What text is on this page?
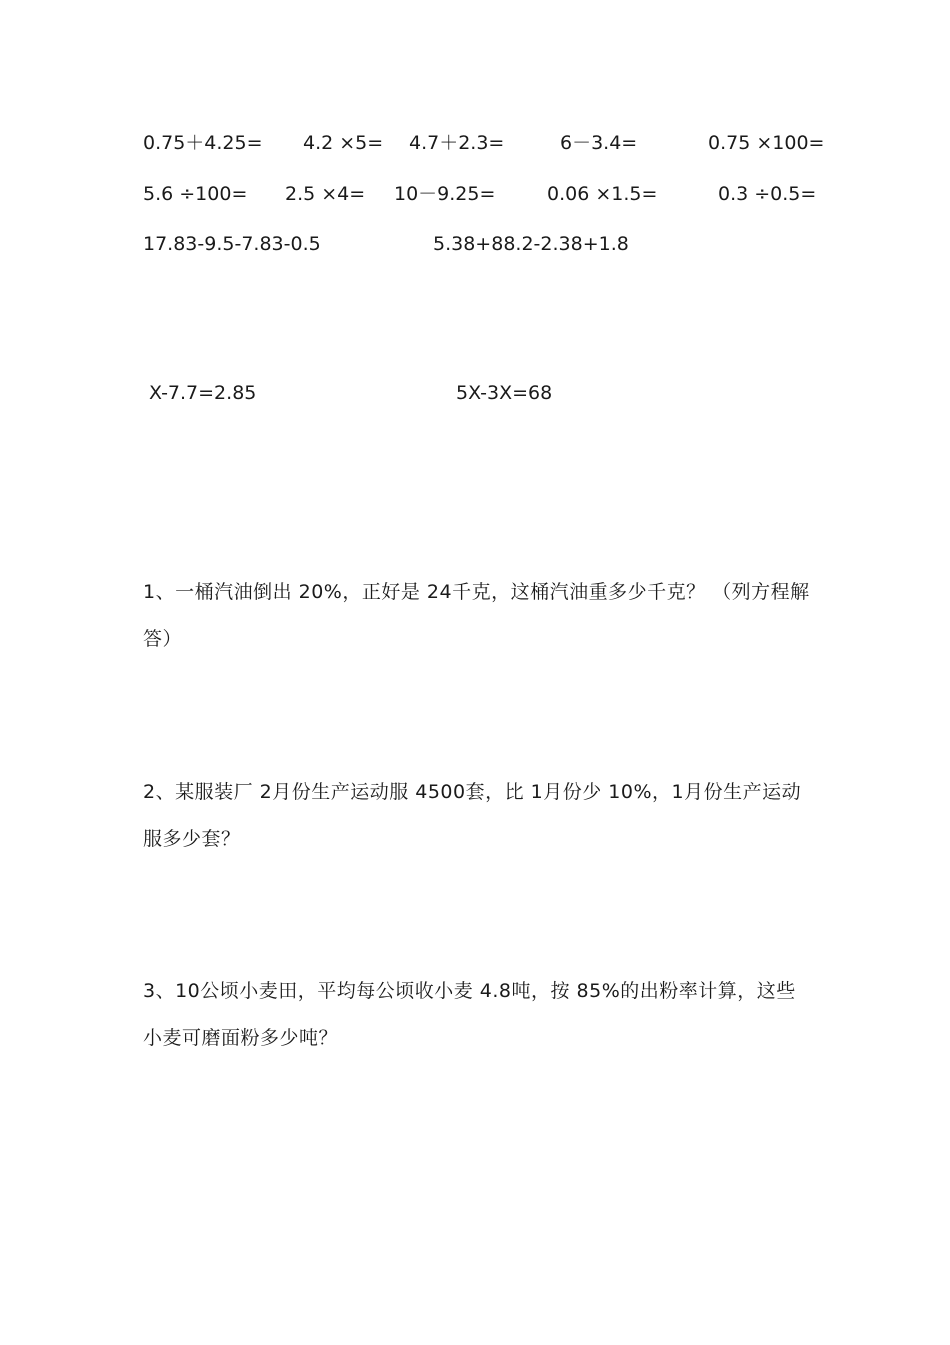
0.75＋4.25= 4.2 ×5= 4.7＋2.3=	6－3.4=	0.75 ×100=
5.6 ÷100= 2.5 ×4= 10－9.25=	0.06 ×1.5=	0.3 ÷0.5=
17.83-9.5-7.83-0.5	5.38+88.2-2.38+1.8
X-7.7=2.85	5X-3X=68
1、一桶汽油倒出 20%，正好是 24千克，这桶汽油重多少千克？ （列方程解答）
2、某服装厂 2月份生产运动服 4500套，比 1月份少 10%，1月份生产运动服多少套？
3、10公顷小麦田，平均每公顷收小麦 4.8吨，按 85%的出粉率计算，这些小麦可磨面粉多少吨？
